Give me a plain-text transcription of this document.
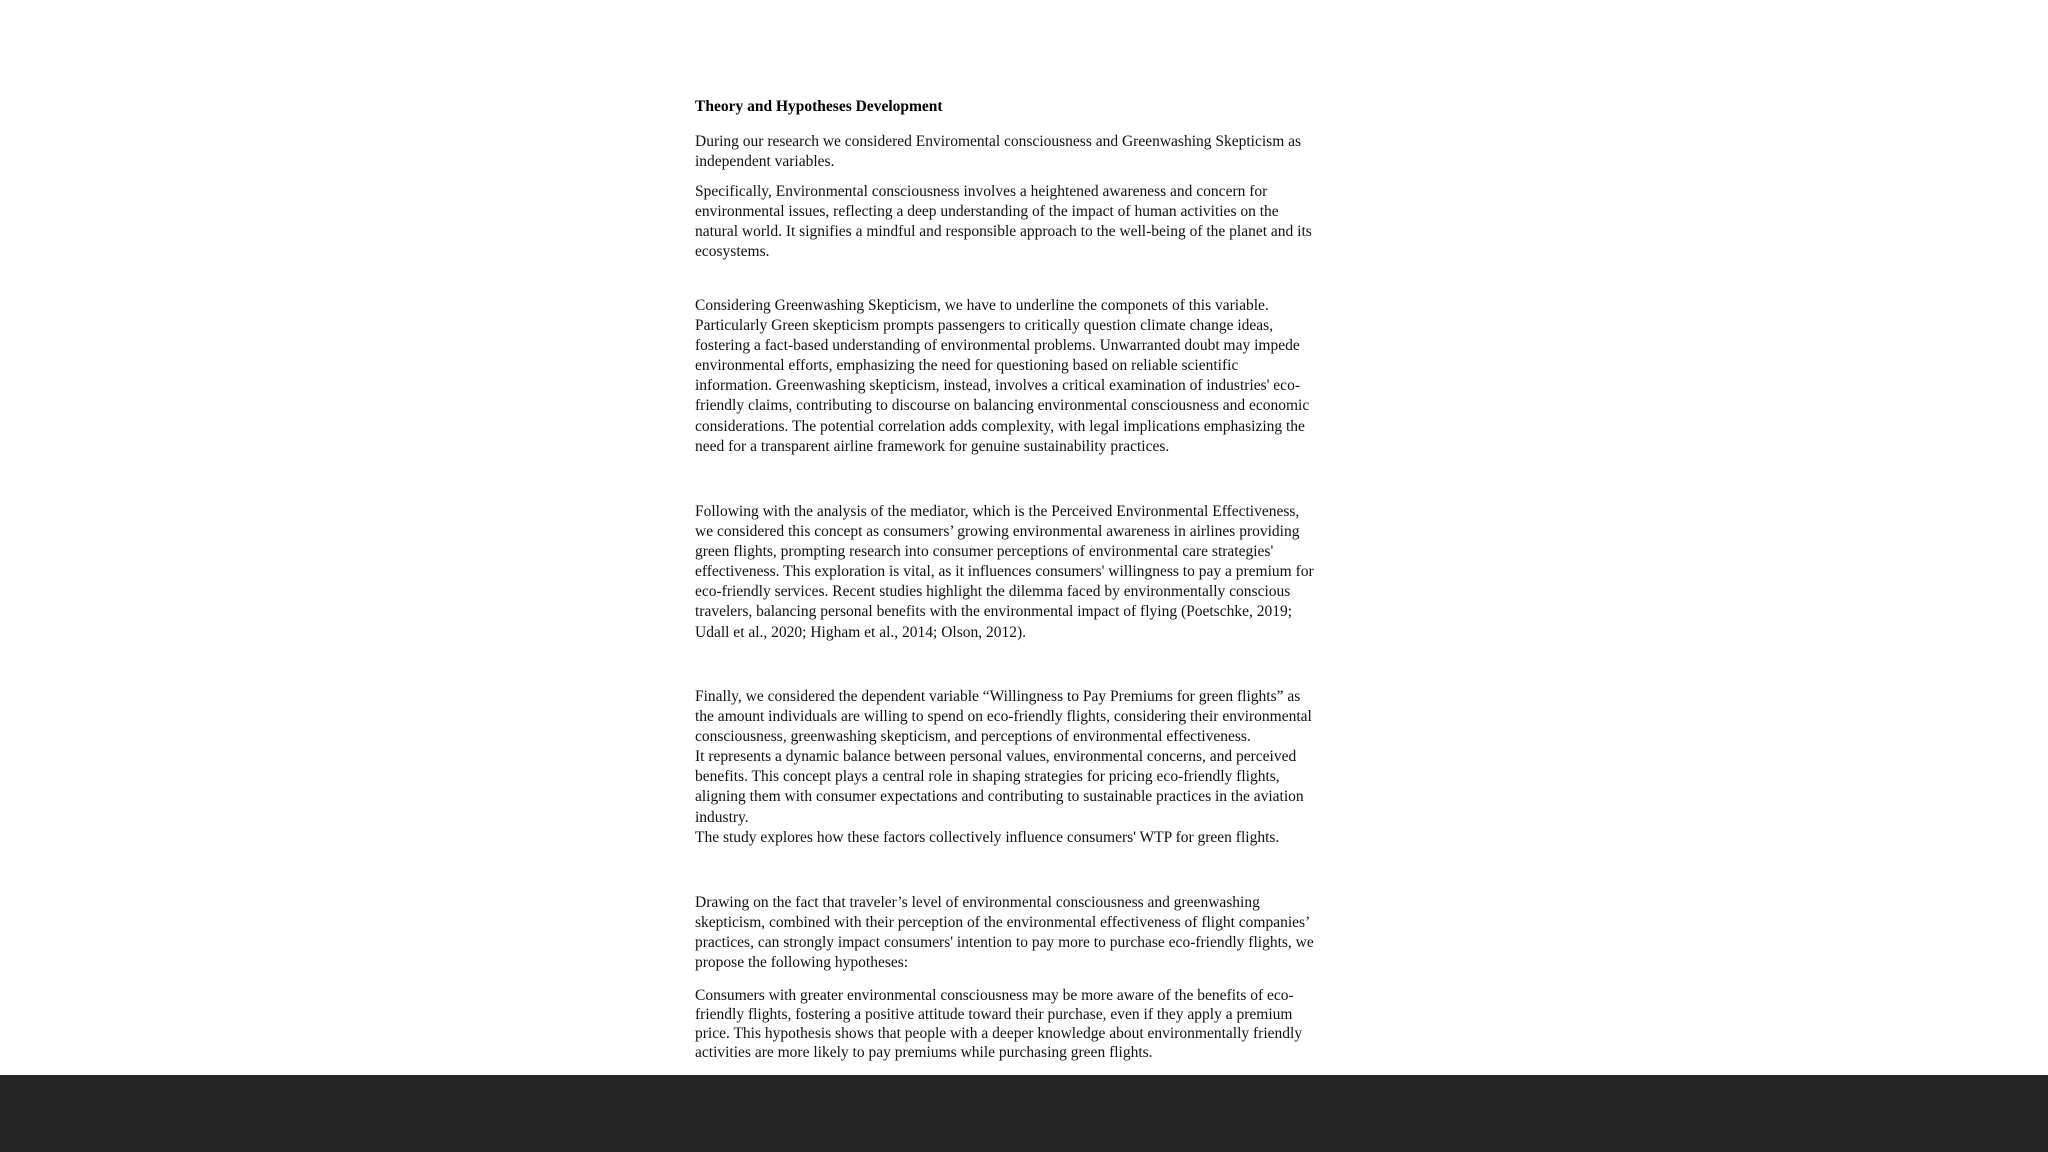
Theory and Hypotheses Development

During our research we considered Enviromental consciousness and Greenwashing Skepticism as
independent variables.

Specifically, Environmental consciousness involves a heightened awareness and concern for
environmental issues, reflecting a deep understanding of the impact of human activities on the
natural world. It signifies a mindful and responsible approach to the well-being of the planet and its
ecosystems.

Considering Greenwashing Skepticism, we have to underline the componets of this variable.
Particularly Green skepticism prompts passengers to critically question climate change ideas,
fostering a fact-based understanding of environmental problems. Unwarranted doubt may impede
environmental efforts, emphasizing the need for questioning based on reliable scientific
information. Greenwashing skepticism, instead, involves a critical examination of industries' eco-
friendly claims, contributing to discourse on balancing environmental consciousness and economic
considerations. The potential correlation adds complexity, with legal implications emphasizing the
need for a transparent airline framework for genuine sustainability practices.

Following with the analysis of the mediator, which is the Perceived Environmental Effectiveness,
we considered this concept as consumers’ growing environmental awareness in airlines providing
green flights, prompting research into consumer perceptions of environmental care strategies'
effectiveness. This exploration is vital, as it influences consumers' willingness to pay a premium for
eco-friendly services. Recent studies highlight the dilemma faced by environmentally conscious
travelers, balancing personal benefits with the environmental impact of flying (Poetschke, 2019;
Udall et al., 2020; Higham et al., 2014; Olson, 2012).

Finally, we considered the dependent variable “Willingness to Pay Premiums for green flights” as
the amount individuals are willing to spend on eco-friendly flights, considering their environmental
consciousness, greenwashing skepticism, and perceptions of environmental effectiveness.
It represents a dynamic balance between personal values, environmental concerns, and perceived
benefits. This concept plays a central role in shaping strategies for pricing eco-friendly flights,
aligning them with consumer expectations and contributing to sustainable practices in the aviation
industry.
The study explores how these factors collectively influence consumers' WTP for green flights.

Drawing on the fact that traveler’s level of environmental consciousness and greenwashing
skepticism, combined with their perception of the environmental effectiveness of flight companies’
practices, can strongly impact consumers' intention to pay more to purchase eco-friendly flights, we
propose the following hypotheses:

Consumers with greater environmental consciousness may be more aware of the benefits of eco-
friendly flights, fostering a positive attitude toward their purchase, even if they apply a premium
price. This hypothesis shows that people with a deeper knowledge about environmentally friendly
activities are more likely to pay premiums while purchasing green flights.
